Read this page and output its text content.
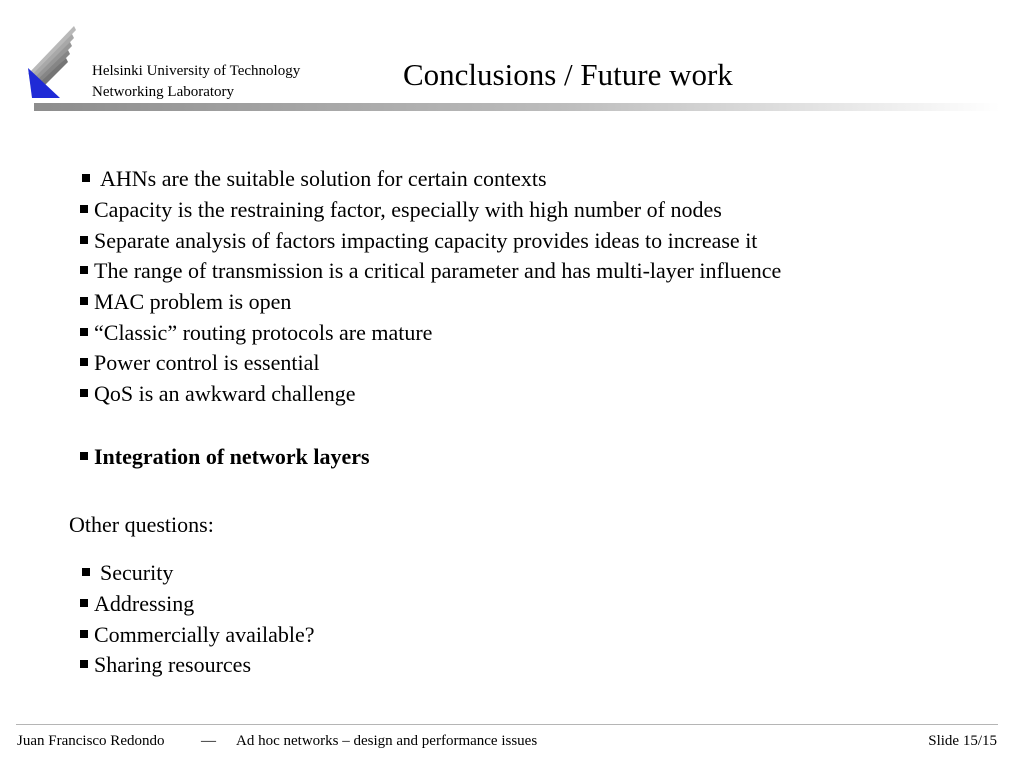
Helsinki University of Technology
Networking Laboratory	Conclusions / Future work
AHNs are the suitable solution for certain contexts
Capacity is the restraining factor, especially with high number of nodes
Separate analysis of factors impacting capacity provides ideas to increase it
The range of transmission is a critical parameter and has multi-layer influence
MAC problem is open
“Classic” routing protocols are mature
Power control is essential
QoS is an awkward challenge
Integration of network layers
Other questions:
Security
Addressing
Commercially available?
Sharing resources
Juan Francisco Redondo — Ad hoc networks – design and performance issues	Slide 15/15
